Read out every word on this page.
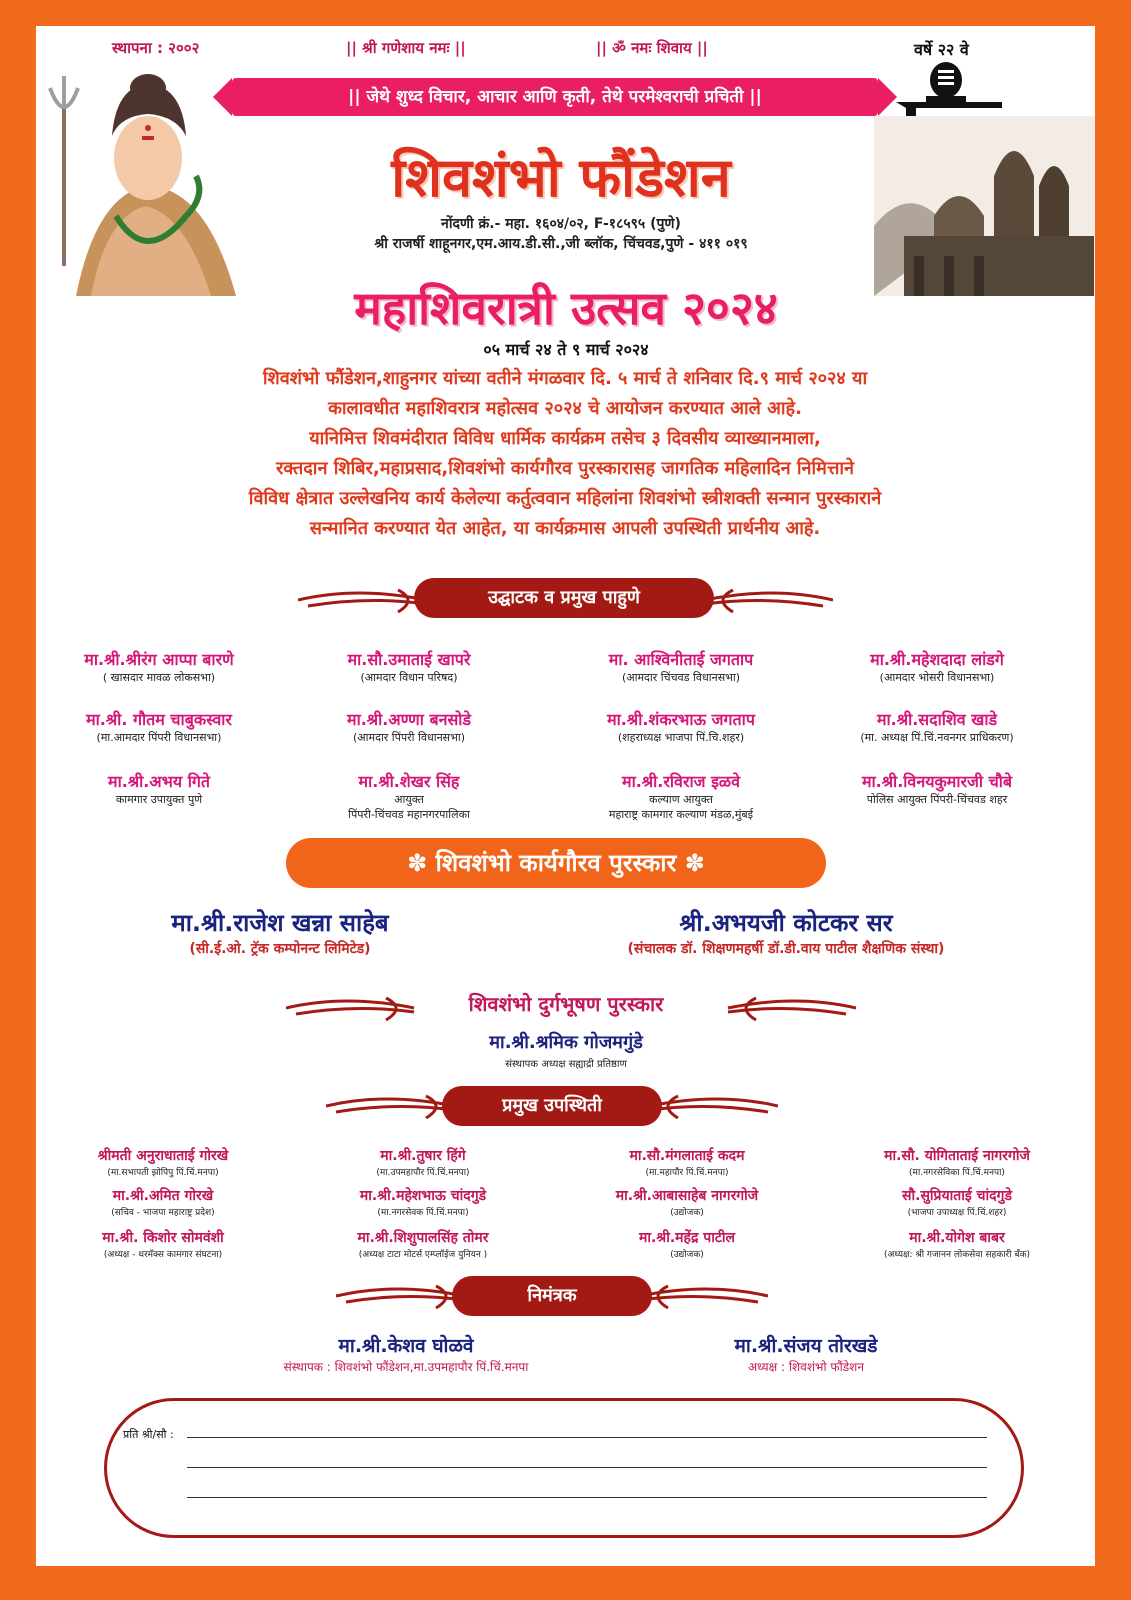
स्थापना : २००२	|| श्री गणेशाय नमः ||	|| ॐ नमः शिवाय ||	वर्षे २२ वे
|| जेथे शुध्द विचार, आचार आणि कृती, तेथे परमेश्वराची प्रचिती ||
शिवशंभो फौंडेशन
नोंदणी क्रं.- महा. १६०४/०२, F-१८५९५ (पुणे)
श्री राजर्षी शाहूनगर,एम.आय.डी.सी.,जी ब्लॉक, चिंचवड,पुणे - ४११ ०१९
महाशिवरात्री उत्सव २०२४
०५ मार्च २४ ते ९ मार्च २०२४
शिवशंभो फौंडेशन,शाहुनगर यांच्या वतीने मंगळवार दि. ५ मार्च ते शनिवार दि.९ मार्च २०२४ या
कालावधीत महाशिवरात्र महोत्सव २०२४ चे आयोजन करण्यात आले आहे.
यानिमित्त शिवमंदीरात विविध धार्मिक कार्यक्रम तसेच ३ दिवसीय व्याख्यानमाला,
रक्तदान शिबिर,महाप्रसाद,शिवशंभो कार्यगौरव पुरस्कारासह जागतिक महिलादिन निमित्ताने
विविध क्षेत्रात उल्लेखनिय कार्य केलेल्या कर्तुत्ववान महिलांना शिवशंभो स्त्रीशक्ती सन्मान पुरस्काराने
सन्मानित करण्यात येत आहेत, या कार्यक्रमास आपली उपस्थिती प्रार्थनीय आहे.
उद्घाटक व प्रमुख पाहुणे
मा.श्री.श्रीरंग आप्पा बारणे
( खासदार मावळ लोकसभा)
मा.सौ.उमाताई खापरे
(आमदार विधान परिषद)
मा. आश्विनीताई जगताप
(आमदार चिंचवड विधानसभा)
मा.श्री.महेशदादा लांडगे
(आमदार भोसरी विधानसभा)
मा.श्री. गौतम चाबुकस्वार
(मा.आमदार पिंपरी विधानसभा)
मा.श्री.अण्णा बनसोडे
(आमदार पिंपरी विधानसभा)
मा.श्री.शंकरभाऊ जगताप
(शहराध्यक्ष भाजपा पिं.चि.शहर)
मा.श्री.सदाशिव खाडे
(मा. अध्यक्ष पिं.चिं.नवनगर प्राधिकरण)
मा.श्री.अभय गिते
कामगार उपायुक्त पुणे
मा.श्री.शेखर सिंह
आयुक्त
पिंपरी-चिंचवड महानगरपालिका
मा.श्री.रविराज इळवे
कल्याण आयुक्त
महाराष्ट्र कामगार कल्याण मंडळ,मुंबई
मा.श्री.विनयकुमारजी चौबे
पोलिस आयुक्त पिंपरी-चिंचवड शहर
✽ शिवशंभो कार्यगौरव पुरस्कार ✽
मा.श्री.राजेश खन्ना साहेब
(सी.ई.ओ. ट्रॅक कम्पोनन्ट लिमिटेड)
श्री.अभयजी कोटकर सर
(संचालक डॉ. शिक्षणमहर्षी डॉ.डी.वाय पाटील शैक्षणिक संस्था)
शिवशंभो दुर्गभूषण पुरस्कार
मा.श्री.श्रमिक गोजमगुंडे
संस्थापक अध्यक्ष सह्याद्री प्रतिष्ठाण
प्रमुख उपस्थिती
श्रीमती अनुराधाताई गोरखे
(मा.सभापती झोपिपु पिं.चिं.मनपा)
मा.श्री.तुषार हिंगे
(मा.उपमहापौर पिं.चिं.मनपा)
मा.सौ.मंगलाताई कदम
(मा.महापौर पिं.चिं.मनपा)
मा.सौ. योगिताताई नागरगोजे
(मा.नगरसेविका पिं.चिं.मनपा)
मा.श्री.अमित गोरखे
(सचिव - भाजपा महाराष्ट्र प्रदेश)
मा.श्री.महेशभाऊ चांदगुडे
(मा.नगरसेवक पिं.चिं.मनपा)
मा.श्री.आबासाहेब नागरगोजे
(उद्योजक)
सौ.सुप्रियाताई चांदगुडे
(भाजपा उपाध्यक्ष पिं.चिं.शहर)
मा.श्री. किशोर सोमवंशी
(अध्यक्ष - थरमॅक्स कामगार संघटना)
मा.श्री.शिशुपालसिंह तोमर
(अध्यक्ष टाटा मोटर्स एम्प्लॉईज युनियन )
मा.श्री.महेंद्र पाटील
(उद्योजक)
मा.श्री.योगेश बाबर
(अध्यक्ष: श्री गजानन लोकसेवा सहकारी बँक)
निमंत्रक
मा.श्री.केशव घोळवे
संस्थापक : शिवशंभो फौंडेशन,मा.उपमहापौर पिं.चिं.मनपा
मा.श्री.संजय तोरखडे
अध्यक्ष : शिवशंभो फौंडेशन
प्रति श्री/सौ :
